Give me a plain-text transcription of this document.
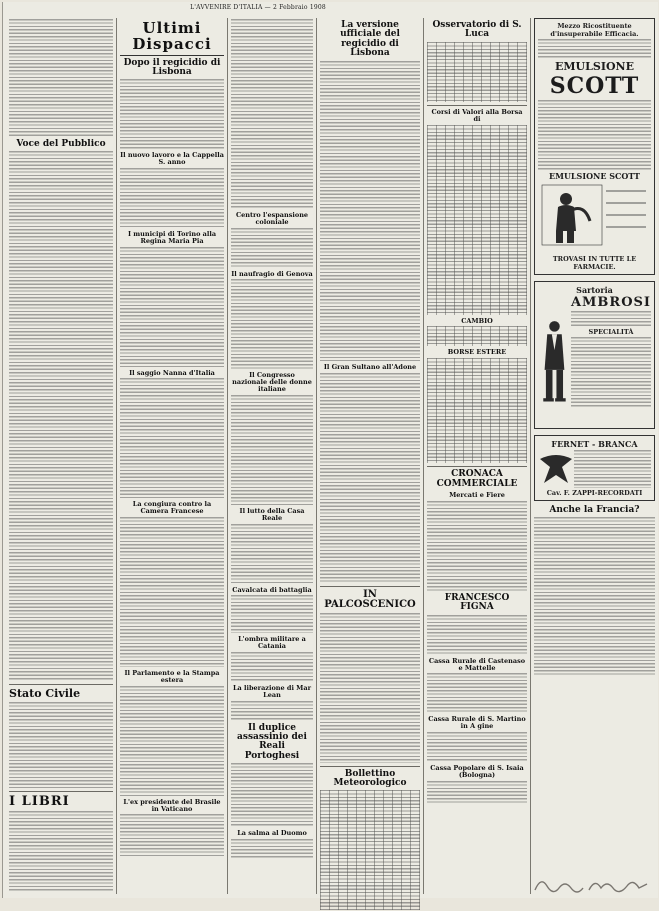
L'AVVENIRE D'ITALIA — 2 Febbraio 1908
Voce del Pubblico
Stato Civile
I LIBRI
Ultimi Dispacci
Dopo il regicidio di Lisbona
Il nuovo lavoro e la Cappella S. anno
I municipi di Torino alla Regina Maria Pia
Il saggio Nanna d'Italia
La congiura contro la Camera Francese
Il Parlamento e la Stampa estera
L'ex presidente del Brasile in Vaticano
Centro l'espansione coloniale
Il naufragio di Genova
Il Congresso nazionale delle donne italiane
Il lutto della Casa Reale
Cavalcata di battaglia
L'ombra militare a Catania
La liberazione di Mar Lean
Il duplice assassinio dei Reali Portoghesi
La salma al Duomo
La versione ufficiale del regicidio di Lisbona
Il Gran Sultano all'Adone
IN PALCOSCENICO
Bollettino Meteorologico
Osservatorio di S. Luca
Corsi di Valori alla Borsa di
CAMBIO
BORSE ESTERE
CRONACA COMMERCIALE
Mercati e Fiere
FRANCESCO FIGNA
Cassa Rurale di Castenaso e Mattelle
Cassa Rurale di S. Martino in A gine
Cassa Popolare di S. Isaia (Bologna)
Mezzo Ricostituente d'insuperabile Efficacia.
EMULSIONE
SCOTT
EMULSIONE SCOTT
TROVASI IN TUTTE LE FARMACIE.
Sartoria
AMBROSI
SPECIALITÀ
FERNET - BRANCA
Cav. F. ZAPPI-RECORDATI
Anche la Francia?
